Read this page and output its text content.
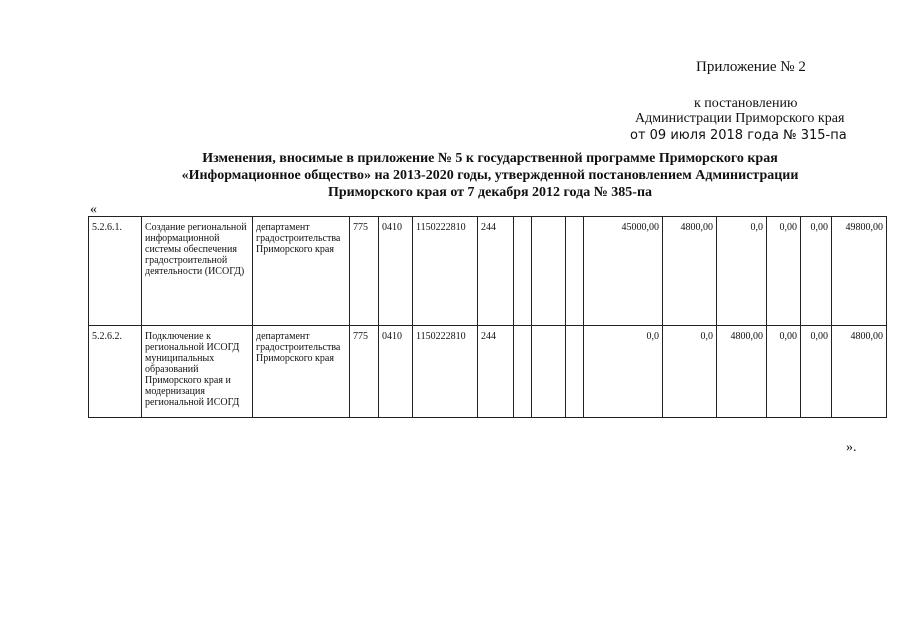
Приложение № 2
к постановлению
Администрации Приморского края
от 09 июля 2018 года № 315-па
Изменения, вносимые в приложение № 5 к государственной программе Приморского края
«Информационное общество» на 2013-2020 годы, утвержденной постановлением Администрации
Приморского края от 7 декабря 2012 года № 385-па
«
5.2.6.1.	Создание региональной информационной системы обеспечения градостроительной деятельности (ИСОГД)	департамент градостроительства Приморского края	775	0410	1150222810	244				45000,00	4800,00	0,0	0,00	0,00	49800,00
5.2.6.2.	Подключение к региональной ИСОГД муниципальных образований Приморского края и модернизация региональной ИСОГД	департамент градостроительства Приморского края	775	0410	1150222810	244				0,0	0,0	4800,00	0,00	0,00	4800,00
».
